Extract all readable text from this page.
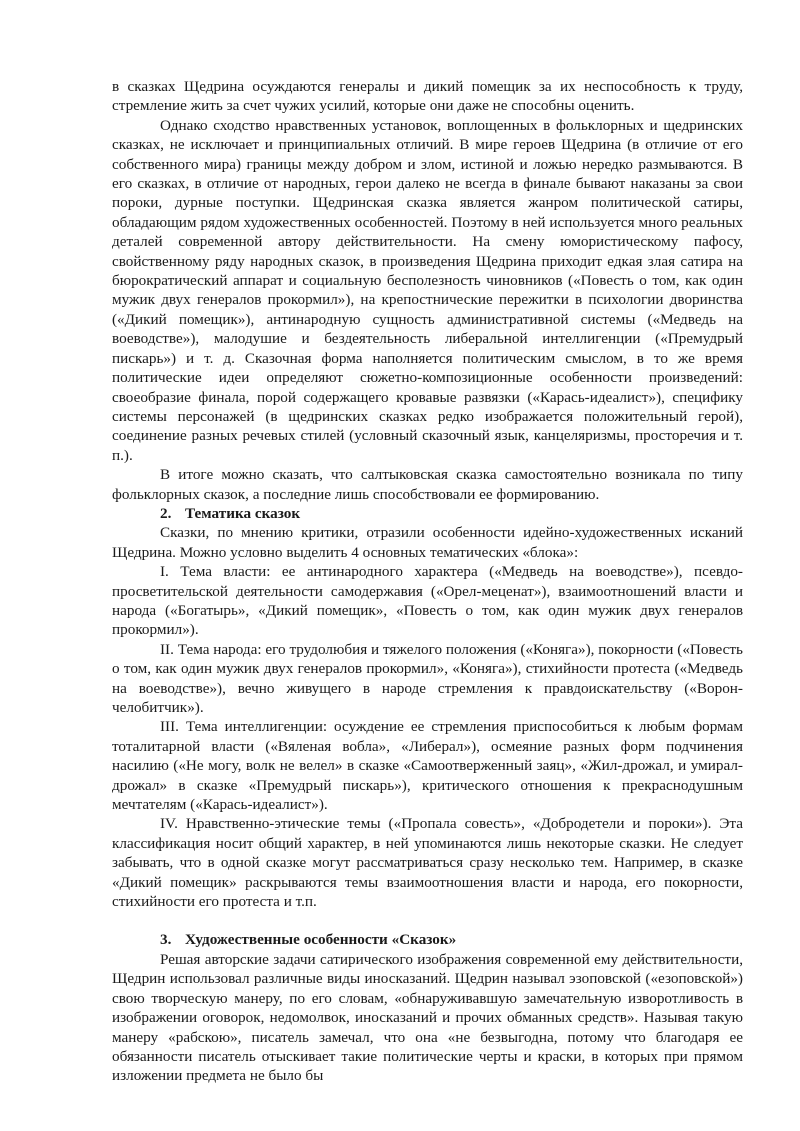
в сказках Щедрина осуждаются генералы и дикий помещик за их неспособность к труду, стремление жить за счет чужих усилий, которые они даже не способны оценить.

Однако сходство нравственных установок, воплощенных в фольклорных и щедринских сказках, не исключает и принципиальных отличий. В мире героев Щедрина (в отличие от его собственного мира) границы между добром и злом, истиной и ложью нередко размываются. В его сказках, в отличие от народных, герои далеко не всегда в финале бывают наказаны за свои пороки, дурные поступки. Щедринская сказка является жанром политической сатиры, обладающим рядом художественных особенностей. Поэтому в ней используется много реальных деталей современной автору действительности. На смену юмористическому пафосу, свойственному ряду народных сказок, в произведения Щедрина приходит едкая злая сатира на бюрократический аппарат и социальную бесполезность чиновников («Повесть о том, как один мужик двух генералов прокормил»), на крепостнические пережитки в психологии дворинства («Дикий помещик»), антинародную сущность административной системы («Медведь на воеводстве»), малодушие и бездеятельность либеральной интеллигенции («Премудрый пискарь») и т. д. Сказочная форма наполняется политическим смыслом, в то же время политические идеи определяют сюжетно-композиционные особенности произведений: своеобразие финала, порой содержащего кровавые развязки («Карась-идеалист»), специфику системы персонажей (в щедринских сказках редко изображается положительный герой), соединение разных речевых стилей (условный сказочный язык, канцеляризмы, просторечия и т. п.).

В итоге можно сказать, что салтыковская сказка самостоятельно возникала по типу фольклорных сказок, а последние лишь способствовали ее формированию.

2. Тематика сказок

Сказки, по мнению критики, отразили особенности идейно-художественных исканий Щедрина. Можно условно выделить 4 основных тематических «блока»:

I. Тема власти: ее антинародного характера («Медведь на воеводстве»), псевдо-просветительской деятельности самодержавия («Орел-меценат»), взаимоотношений власти и народа («Богатырь», «Дикий помещик», «Повесть о том, как один мужик двух генералов прокормил»).

II. Тема народа: его трудолюбия и тяжелого положения («Коняга»), покорности («Повесть о том, как один мужик двух генералов прокормил», «Коняга»), стихийности протеста («Медведь на воеводстве»), вечно живущего в народе стремления к правдоискательству («Ворон-челобитчик»).

III. Тема интеллигенции: осуждение ее стремления приспособиться к любым формам тоталитарной власти («Вяленая вобла», «Либерал»), осмеяние разных форм подчинения насилию («Не могу, волк не велел» в сказке «Самоотверженный заяц», «Жил-дрожал, и умирал-дрожал» в сказке «Премудрый пискарь»), критического отношения к прекраснодушным мечтателям («Карась-идеалист»).

IV. Нравственно-этические темы («Пропала совесть», «Добродетели и пороки»). Эта классификация носит общий характер, в ней упоминаются лишь некоторые сказки. Не следует забывать, что в одной сказке могут рассматриваться сразу несколько тем. Например, в сказке «Дикий помещик» раскрываются темы взаимоотношения власти и народа, его покорности, стихийности его протеста и т.п.

3. Художественные особенности «Сказок»

Решая авторские задачи сатирического изображения современной ему действительности, Щедрин использовал различные виды иносказаний. Щедрин называл эзоповской («езоповской») свою творческую манеру, по его словам, «обнаруживавшую замечательную изворотливость в изображении оговорок, недомолвок, иносказаний и прочих обманных средств». Называя такую манеру «рабскою», писатель замечал, что она «не безвыгодна, потому что благодаря ее обязанности писатель отыскивает такие политические черты и краски, в которых при прямом изложении предмета не было бы
